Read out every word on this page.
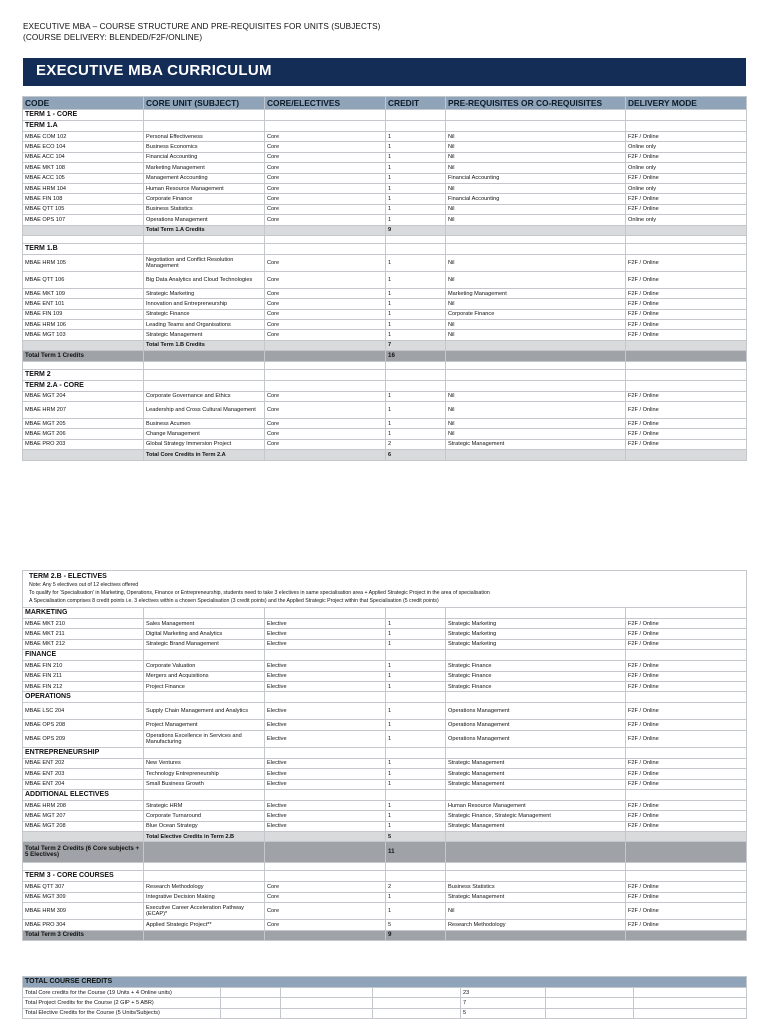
EXECUTIVE MBA – COURSE STRUCTURE AND PRE-REQUISITES FOR UNITS (SUBJECTS)
(COURSE DELIVERY: BLENDED/F2F/ONLINE)
EXECUTIVE MBA CURRICULUM
CODE	CORE UNIT (SUBJECT)	CORE/ELECTIVES	CREDIT	PRE-REQUISITES OR CO-REQUISITES	DELIVERY MODE
TERM 1 - CORE					
TERM 1.A					
MBAE COM 102	Personal Effectiveness	Core	1	Nil	F2F / Online
MBAE ECO 104	Business Economics	Core	1	Nil	Online only
MBAE ACC 104	Financial Accounting	Core	1	Nil	F2F / Online
MBAE MKT 108	Marketing Management	Core	1	Nil	Online only
MBAE ACC 105	Management Accounting	Core	1	Financial Accounting	F2F / Online
MBAE HRM 104	Human Resource Management	Core	1	Nil	Online only
MBAE FIN 108	Corporate Finance	Core	1	Financial Accounting	F2F / Online
MBAE QTT 105	Business Statistics	Core	1	Nil	F2F / Online
MBAE OPS 107	Operations Management	Core	1	Nil	Online only
	Total Term 1.A Credits		9		

TERM 1.B					
MBAE HRM 105	Negotiation and Conflict Resolution Management	Core	1	Nil	F2F / Online
MBAE QTT 106	Big Data Analytics and Cloud Technologies	Core	1	Nil	F2F / Online
MBAE MKT 109	Strategic Marketing	Core	1	Marketing Management	F2F / Online
MBAE ENT 101	Innovation and Entrepreneurship	Core	1	Nil	F2F / Online
MBAE FIN 109	Strategic Finance	Core	1	Corporate Finance	F2F / Online
MBAE HRM 106	Leading Teams and Organisations	Core	1	Nil	F2F / Online
MBAE MGT 103	Strategic Management	Core	1	Nil	F2F / Online
	Total Term 1.B Credits		7		
Total Term 1 Credits			16		

TERM 2					
TERM 2.A - CORE					
MBAE MGT 204	Corporate Governance and Ethics	Core	1	Nil	F2F / Online
MBAE HRM 207	Leadership and Cross Cultural Management	Core	1	Nil	F2F / Online
MBAE MGT 205	Business Acumen	Core	1	Nil	F2F / Online
MBAE MGT 206	Change Management	Core	1	Nil	F2F / Online
MBAE PRO 203	Global Strategy Immersion Project	Core	2	Strategic Management	F2F / Online
	Total Core Credits in Term 2.A		6		
TERM 2.B - ELECTIVES
Note: Any 5 electives out of 12 electives offered
To qualify for ‘Specialisation’ in Marketing, Operations, Finance or Entrepreneurship, students need to take 3 electives in same specialisation area + Applied Strategic Project in the area of specialisation
A Specialisation comprises 8 credit points i.e. 3 electives within a chosen Specialisation (3 credit points) and the Applied Strategic Project within that Specialisation (5 credit points)					
MARKETING					
MBAE MKT 210	Sales Management	Elective	1	Strategic Marketing	F2F / Online
MBAE MKT 211	Digital Marketing and Analytics	Elective	1	Strategic Marketing	F2F / Online
MBAE MKT 212	Strategic Brand Management	Elective	1	Strategic Marketing	F2F / Online
FINANCE					
MBAE FIN 210	Corporate Valuation	Elective	1	Strategic Finance	F2F / Online
MBAE FIN 211	Mergers and Acquisitions	Elective	1	Strategic Finance	F2F / Online
MBAE FIN 212	Project Finance	Elective	1	Strategic Finance	F2F / Online
OPERATIONS					
MBAE LSC 204	Supply Chain Management and Analytics	Elective	1	Operations Management	F2F / Online
MBAE OPS 208	Project Management	Elective	1	Operations Management	F2F / Online
MBAE OPS 209	Operations Excellence in Services and Manufacturing	Elective	1	Operations Management	F2F / Online
ENTREPRENEURSHIP					
MBAE ENT 202	New Ventures	Elective	1	Strategic Management	F2F / Online
MBAE ENT 203	Technology Entrepreneurship	Elective	1	Strategic Management	F2F / Online
MBAE ENT 204	Small Business Growth	Elective	1	Strategic Management	F2F / Online
ADDITIONAL ELECTIVES					
MBAE HRM 208	Strategic HRM	Elective	1	Human Resource Management	F2F / Online
MBAE MGT 207	Corporate Turnaround	Elective	1	Strategic Finance, Strategic Management	F2F / Online
MBAE MGT 208	Blue Ocean Strategy	Elective	1	Strategic Management	F2F / Online
	Total Elective Credits in Term 2.B		5		
Total Term 2 Credits (6 Core subjects + 5 Electives)			11		

TERM 3 - CORE COURSES					
MBAE QTT 307	Research Methodology	Core	2	Business Statistics	F2F / Online
MBAE MGT 309	Integrative Decision Making	Core	1	Strategic Management	F2F / Online
MBAE HRM 309	Executive Career Acceleration Pathway (ECAP)*	Core	1	Nil	F2F / Online
MBAE PRO 304	Applied Strategic Project**	Core	5	Research Methodology	F2F / Online
Total Term 3 Credits			9		
TOTAL COURSE CREDITS						
Total Core credits for the Course (19 Units + 4 Online units)				23		
Total Project Credits for the Course (2 GIP + 5 ABR)				7		
Total Elective Credits for the Course (5 Units/Subjects)				5		
